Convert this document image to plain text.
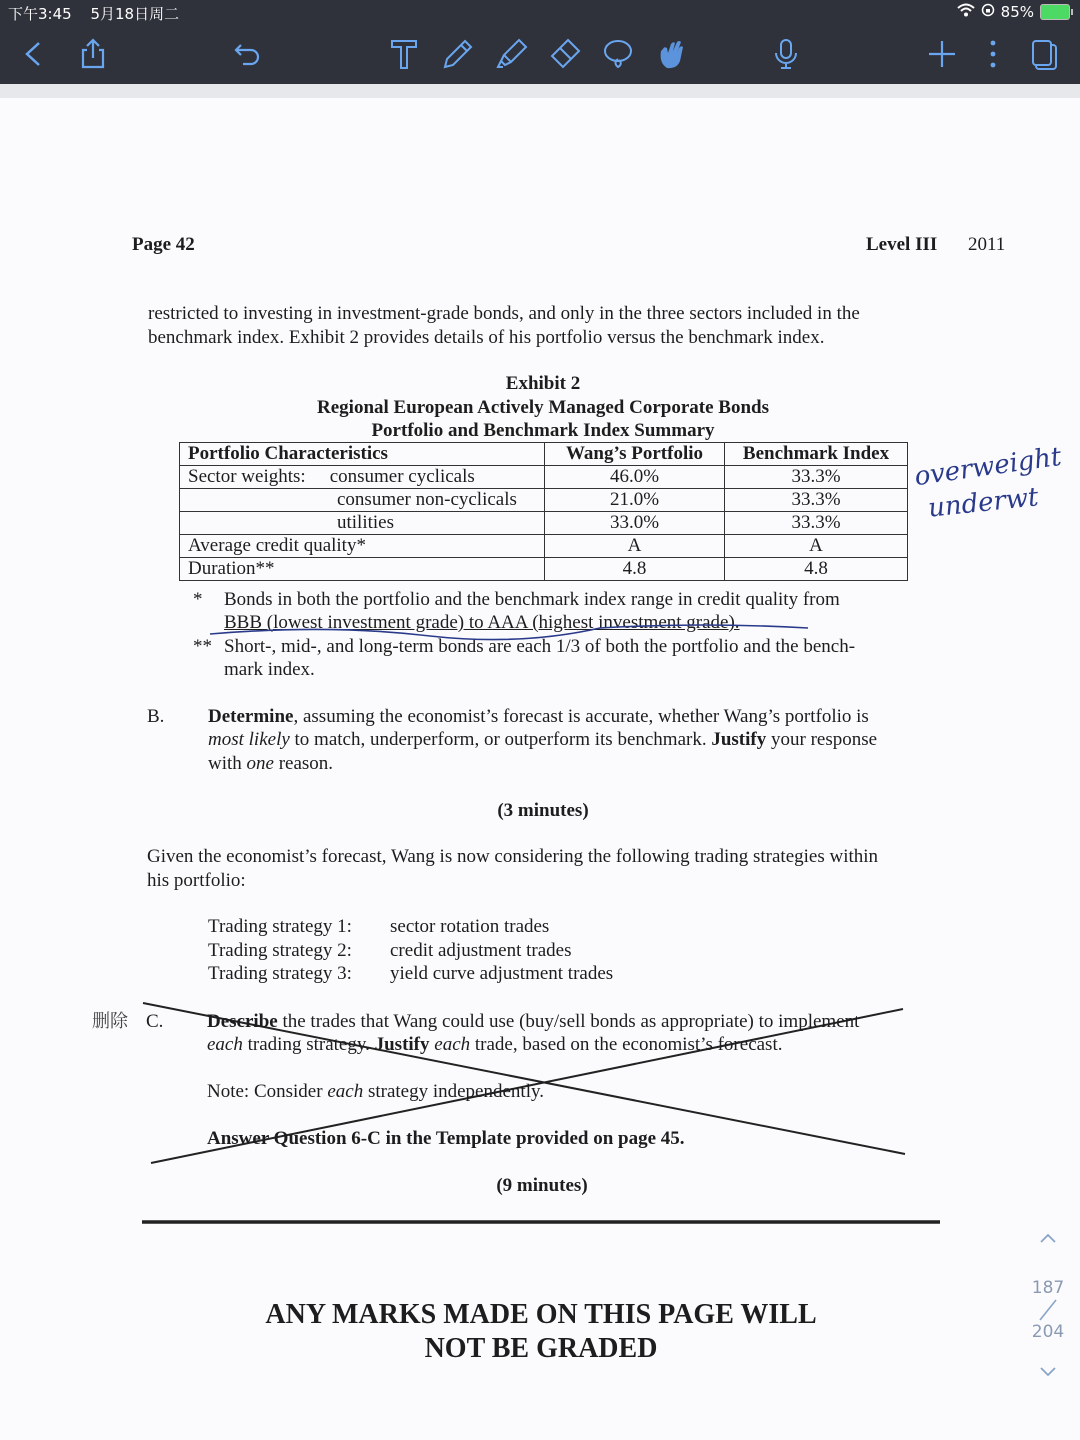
下午3:45 5月18日周二	85%
Page 42	Level III 2011
restricted to investing in investment-grade bonds, and only in the three sectors included in the
benchmark index. Exhibit 2 provides details of his portfolio versus the benchmark index.
Exhibit 2
Regional European Actively Managed Corporate Bonds
Portfolio and Benchmark Index Summary
Portfolio Characteristics	Wang’s Portfolio	Benchmark Index
Sector weights: consumer cyclicals	46.0%	33.3%
consumer non-cyclicals	21.0%	33.3%
utilities	33.0%	33.3%
Average credit quality*	A	A
Duration**	4.8	4.8
overweight
underwt
* Bonds in both the portfolio and the benchmark index range in credit quality from
BBB (lowest investment grade) to AAA (highest investment grade).
** Short-, mid-, and long-term bonds are each 1/3 of both the portfolio and the bench-
mark index.
B. Determine, assuming the economist’s forecast is accurate, whether Wang’s portfolio is
most likely to match, underperform, or outperform its benchmark. Justify your response
with one reason.
(3 minutes)
Given the economist’s forecast, Wang is now considering the following trading strategies within
his portfolio:
Trading strategy 1: sector rotation trades
Trading strategy 2: credit adjustment trades
Trading strategy 3: yield curve adjustment trades
删除 C. Describe the trades that Wang could use (buy/sell bonds as appropriate) to implement
each trading strategy. Justify each trade, based on the economist’s forecast.
Note: Consider each strategy independently.
Answer Question 6-C in the Template provided on page 45.
(9 minutes)
ANY MARKS MADE ON THIS PAGE WILL
NOT BE GRADED
187
204
